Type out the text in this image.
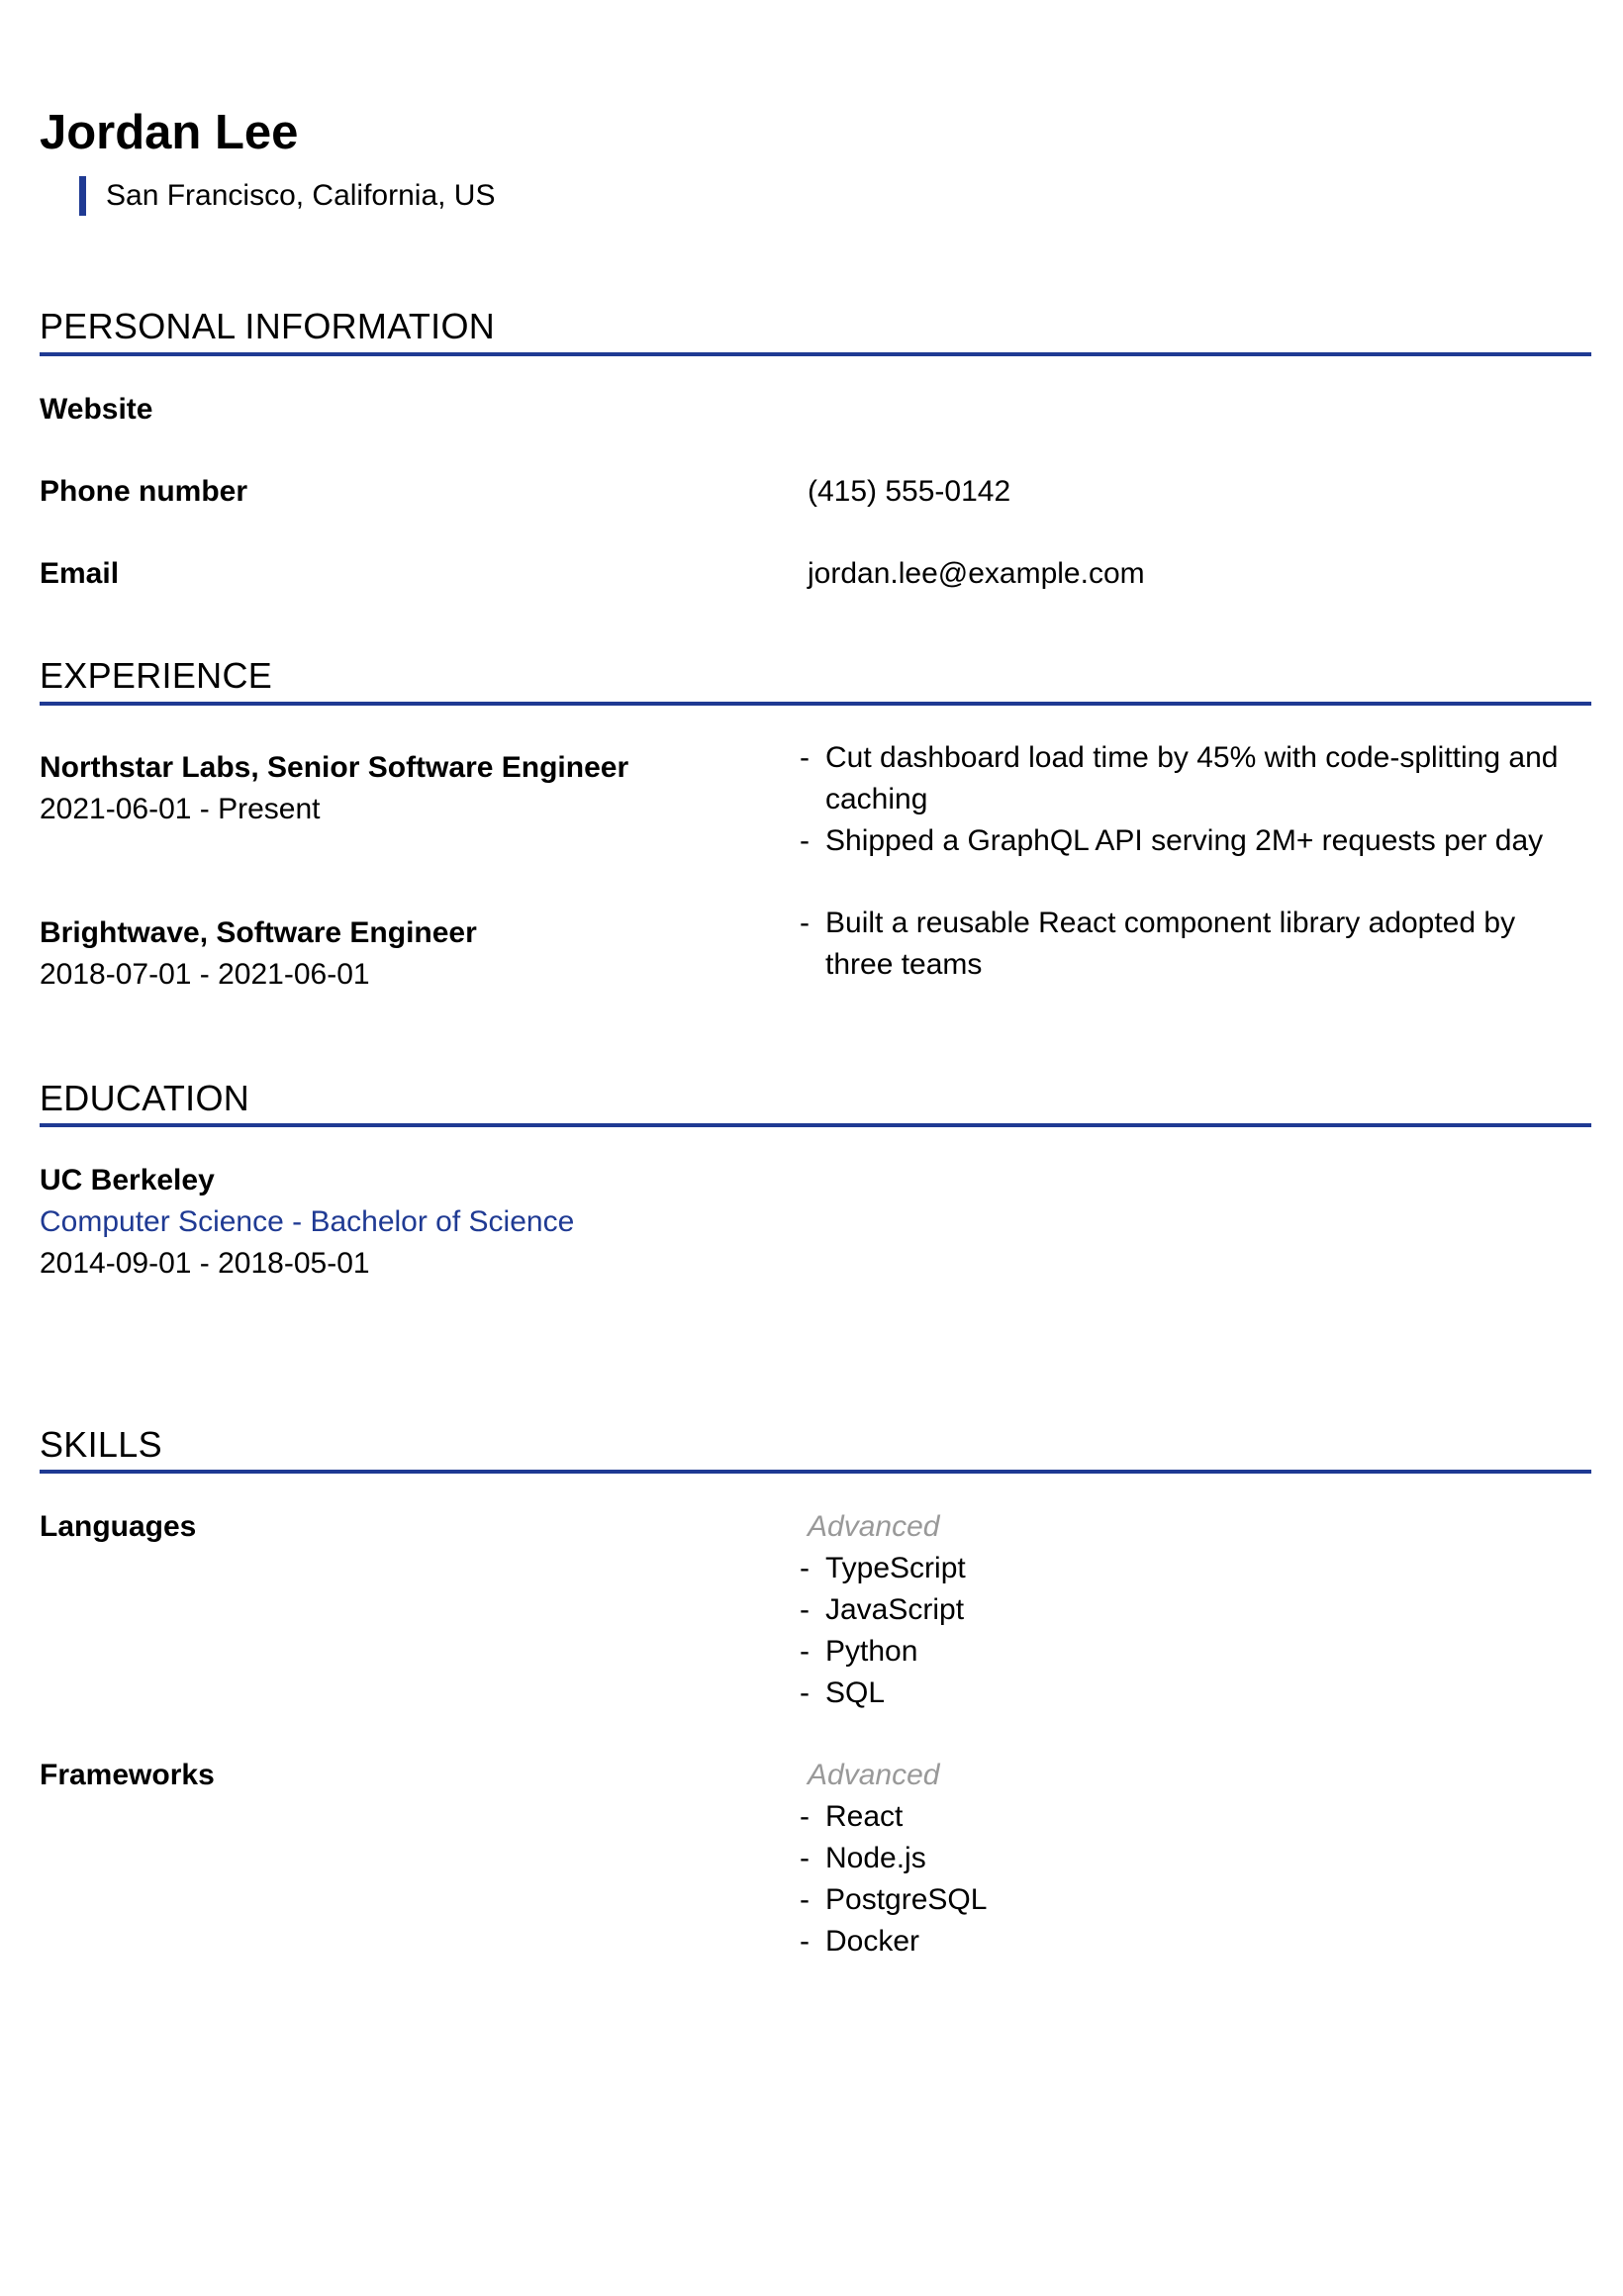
Jordan Lee
San Francisco, California, US
PERSONAL INFORMATION
Website
Phone number	(415) 555-0142
Email	jordan.lee@example.com
EXPERIENCE
Northstar Labs, Senior Software Engineer
2021-06-01 - Present
- Cut dashboard load time by 45% with code-splitting and caching
- Shipped a GraphQL API serving 2M+ requests per day
Brightwave, Software Engineer
2018-07-01 - 2021-06-01
- Built a reusable React component library adopted by three teams
EDUCATION
UC Berkeley
Computer Science - Bachelor of Science
2014-09-01 - 2018-05-01
SKILLS
Languages	Advanced
- TypeScript
- JavaScript
- Python
- SQL
Frameworks	Advanced
- React
- Node.js
- PostgreSQL
- Docker
